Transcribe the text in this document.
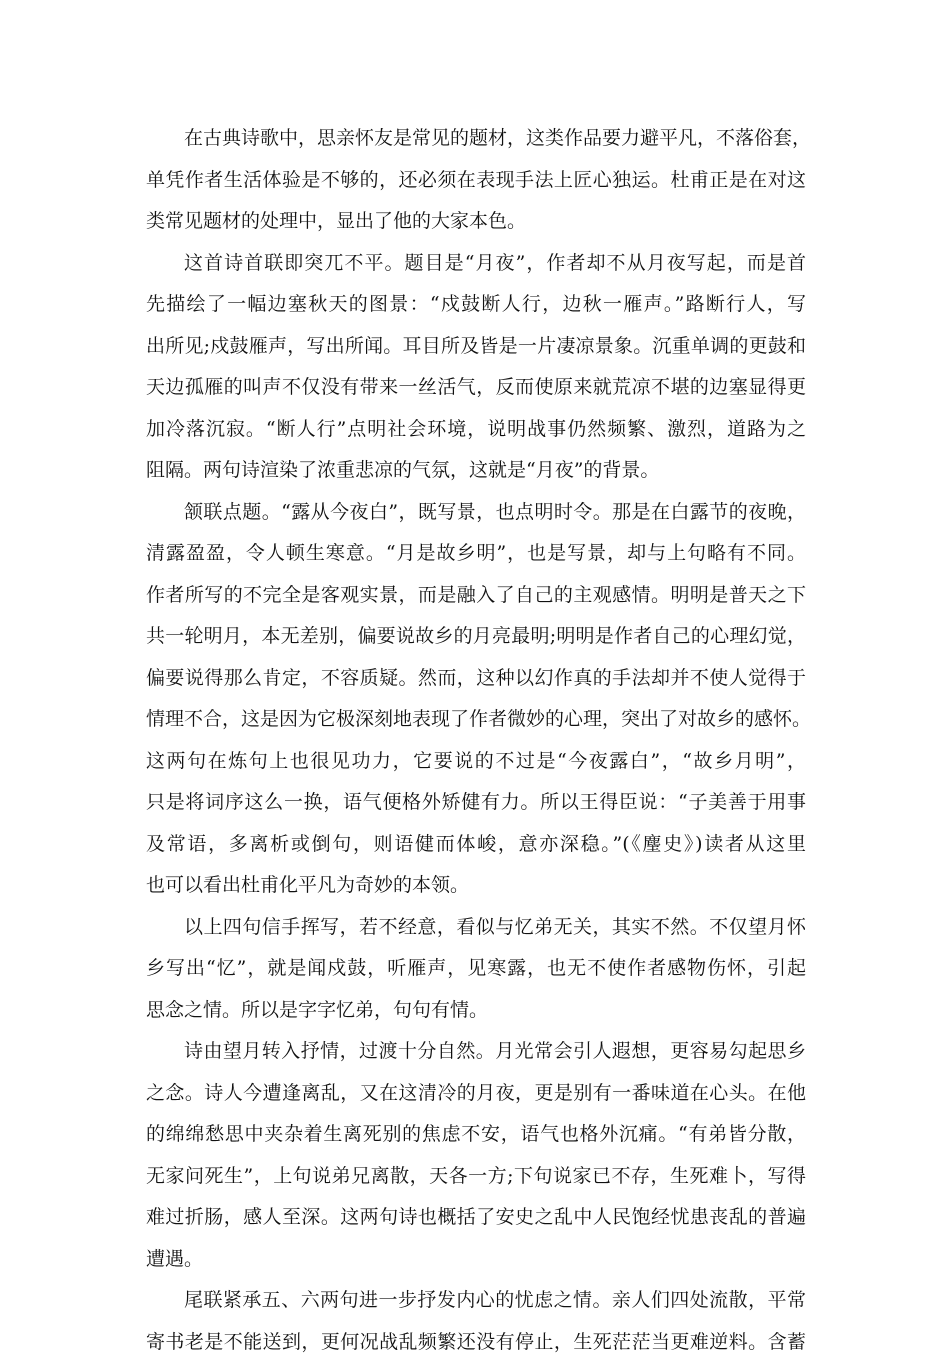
在古典诗歌中，思亲怀友是常见的题材，这类作品要力避平凡，不落俗套，
单凭作者生活体验是不够的，还必须在表现手法上匠心独运。杜甫正是在对这
类常见题材的处理中，显出了他的大家本色。
这首诗首联即突兀不平。题目是“月夜”，作者却不从月夜写起，而是首
先描绘了一幅边塞秋天的图景：“戍鼓断人行，边秋一雁声。”路断行人，写
出所见;戍鼓雁声，写出所闻。耳目所及皆是一片凄凉景象。沉重单调的更鼓和
天边孤雁的叫声不仅没有带来一丝活气，反而使原来就荒凉不堪的边塞显得更
加冷落沉寂。“断人行”点明社会环境，说明战事仍然频繁、激烈，道路为之
阻隔。两句诗渲染了浓重悲凉的气氛，这就是“月夜”的背景。
颔联点题。“露从今夜白”，既写景，也点明时令。那是在白露节的夜晚，
清露盈盈，令人顿生寒意。“月是故乡明”，也是写景，却与上句略有不同。
作者所写的不完全是客观实景，而是融入了自己的主观感情。明明是普天之下
共一轮明月，本无差别，偏要说故乡的月亮最明;明明是作者自己的心理幻觉，
偏要说得那么肯定，不容质疑。然而，这种以幻作真的手法却并不使人觉得于
情理不合，这是因为它极深刻地表现了作者微妙的心理，突出了对故乡的感怀。
这两句在炼句上也很见功力，它要说的不过是“今夜露白”，“故乡月明”，
只是将词序这么一换，语气便格外矫健有力。所以王得臣说：“子美善于用事
及常语，多离析或倒句，则语健而体峻，意亦深稳。”(《麈史》)读者从这里
也可以看出杜甫化平凡为奇妙的本领。
以上四句信手挥写，若不经意，看似与忆弟无关，其实不然。不仅望月怀
乡写出“忆”，就是闻戍鼓，听雁声，见寒露，也无不使作者感物伤怀，引起
思念之情。所以是字字忆弟，句句有情。
诗由望月转入抒情，过渡十分自然。月光常会引人遐想，更容易勾起思乡
之念。诗人今遭逢离乱，又在这清冷的月夜，更是别有一番味道在心头。在他
的绵绵愁思中夹杂着生离死别的焦虑不安，语气也格外沉痛。“有弟皆分散，
无家问死生”，上句说弟兄离散，天各一方;下句说家已不存，生死难卜，写得
难过折肠，感人至深。这两句诗也概括了安史之乱中人民饱经忧患丧乱的普遍
遭遇。
尾联紧承五、六两句进一步抒发内心的忧虑之情。亲人们四处流散，平常
寄书老是不能送到，更何况战乱频繁还没有停止，生死茫茫当更难逆料。含蓄
